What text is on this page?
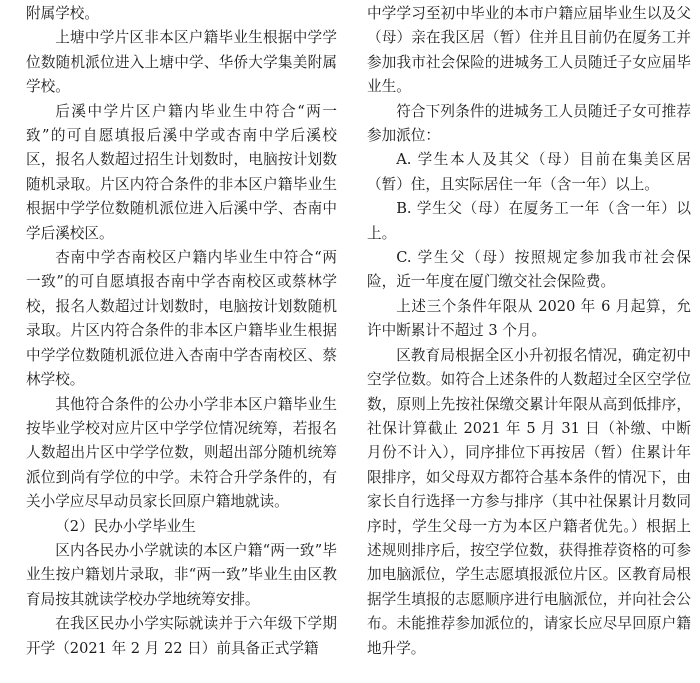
附属学校。

上塘中学片区非本区户籍毕业生根据中学学位数随机派位进入上塘中学、华侨大学集美附属学校。

后溪中学片区户籍内毕业生中符合“两一致”的可自愿填报后溪中学或杏南中学后溪校区，报名人数超过招生计划数时，电脑按计划数随机录取。片区内符合条件的非本区户籍毕业生根据中学学位数随机派位进入后溪中学、杏南中学后溪校区。

杏南中学杏南校区户籍内毕业生中符合“两一致”的可自愿填报杏南中学杏南校区或蔡林学校，报名人数超过计划数时，电脑按计划数随机录取。片区内符合条件的非本区户籍毕业生根据中学学位数随机派位进入杏南中学杏南校区、蔡林学校。

其他符合条件的公办小学非本区户籍毕业生按毕业学校对应片区中学学位情况统筹，若报名人数超出片区中学学位数，则超出部分随机统筹派位到尚有学位的中学。未符合升学条件的，有关小学应尽早动员家长回原户籍地就读。

（2）民办小学毕业生

区内各民办小学就读的本区户籍“两一致”毕业生按户籍划片录取，非“两一致”毕业生由区教育局按其就读学校办学地统筹安排。

在我区民办小学实际就读并于六年级下学期开学（2021 年 2 月 22 日）前具备正式学籍

中学学习至初中毕业的本市户籍应届毕业生以及父（母）亲在我区居（暂）住并且目前仍在厦务工并参加我市社会保险的进城务工人员随迁子女应届毕业生。

符合下列条件的进城务工人员随迁子女可推荐参加派位：

A. 学生本人及其父（母）目前在集美区居（暂）住，且实际居住一年（含一年）以上。

B. 学生父（母）在厦务工一年（含一年）以上。

C. 学生父（母）按照规定参加我市社会保险，近一年度在厦门缴交社会保险费。

上述三个条件年限从 2020 年 6 月起算，允许中断累计不超过 3 个月。

区教育局根据全区小升初报名情况，确定初中空学位数。如符合上述条件的人数超过全区空学位数，原则上先按社保缴交累计年限从高到低排序，社保计算截止 2021 年 5 月 31 日（补缴、中断月份不计入），同序排位下再按居（暂）住累计年限排序，如父母双方都符合基本条件的情况下，由家长自行选择一方参与排序（其中社保累计月数同序时，学生父母一方为本区户籍者优先。）根据上述规则排序后，按空学位数，获得推荐资格的可参加电脑派位，学生志愿填报派位片区。区教育局根据学生填报的志愿顺序进行电脑派位，并向社会公布。未能推荐参加派位的，请家长应尽早回原户籍地升学。
